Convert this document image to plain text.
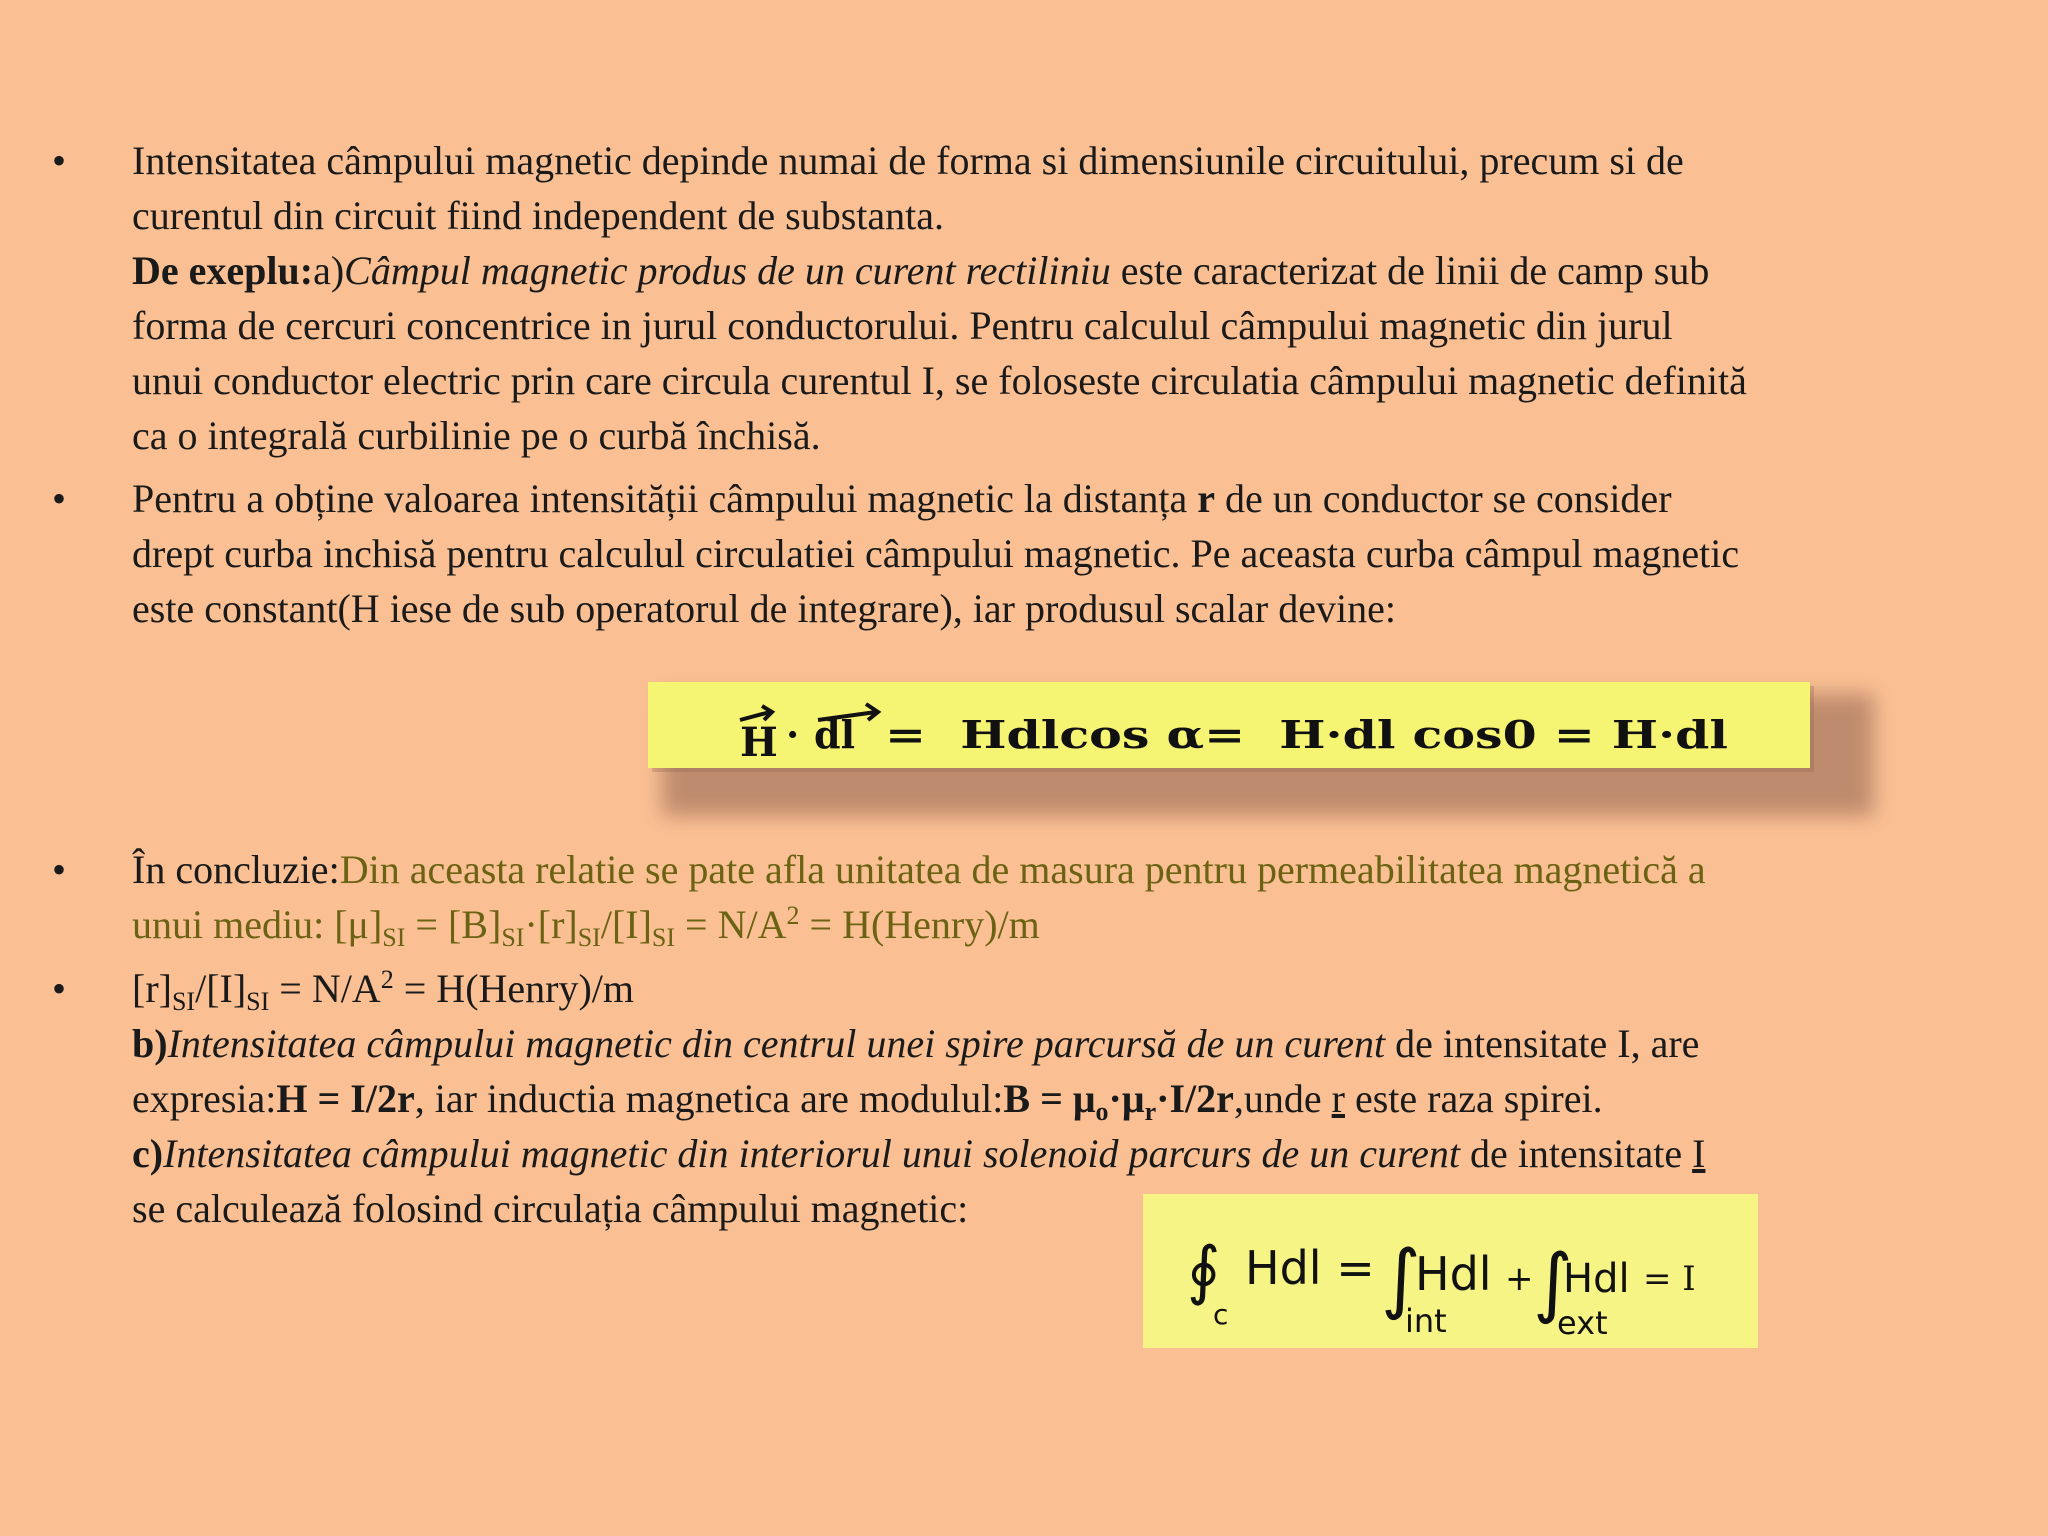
• Intensitatea câmpului magnetic depinde numai de forma si dimensiunile circuitului, precum si de
curentul din circuit fiind independent de substanta.
De exeplu:a)Câmpul magnetic produs de un curent rectiliniu este caracterizat de linii de camp sub
forma de cercuri concentrice in jurul conductorului. Pentru calculul câmpului magnetic din jurul
unui conductor electric prin care circula curentul I, se foloseste circulatia câmpului magnetic definită
ca o integrală curbilinie pe o curbă închisă.
• Pentru a obține valoarea intensității câmpului magnetic la distanța r de un conductor se consider
drept curba inchisă pentru calculul circulatiei câmpului magnetic. Pe aceasta curba câmpul magnetic
este constant(H iese de sub operatorul de integrare), iar produsul scalar devine:
H · dl =  Hdlcos α=  H·dl cos0 = H·dl
• În concluzie:Din aceasta relatie se pate afla unitatea de masura pentru permeabilitatea magnetică a
unui mediu: $[\mu]_{SI} = [B]_{SI}\cdot[r]_{SI}/[I]_{SI} = N/A^2$ = H(Henry)/m
• $[r]_{SI}/[I]_{SI} = N/A^2$ = H(Henry)/m
b)Intensitatea câmpului magnetic din centrul unei spire parcursă de un curent de intensitate I, are
expresia:H = I/2r, iar inductia magnetica are modulul:B = $\mu_o\cdot\mu_r\cdot I/2r,unde$ r este raza spirei.
c)Intensitatea câmpului magnetic din interiorul unui solenoid parcurs de un curent de intensitate I
se calculează folosind circulația câmpului magnetic:
∮
c
Hdl = ∫
Hdl
int
+ ∫
Hdl
ext
= I
